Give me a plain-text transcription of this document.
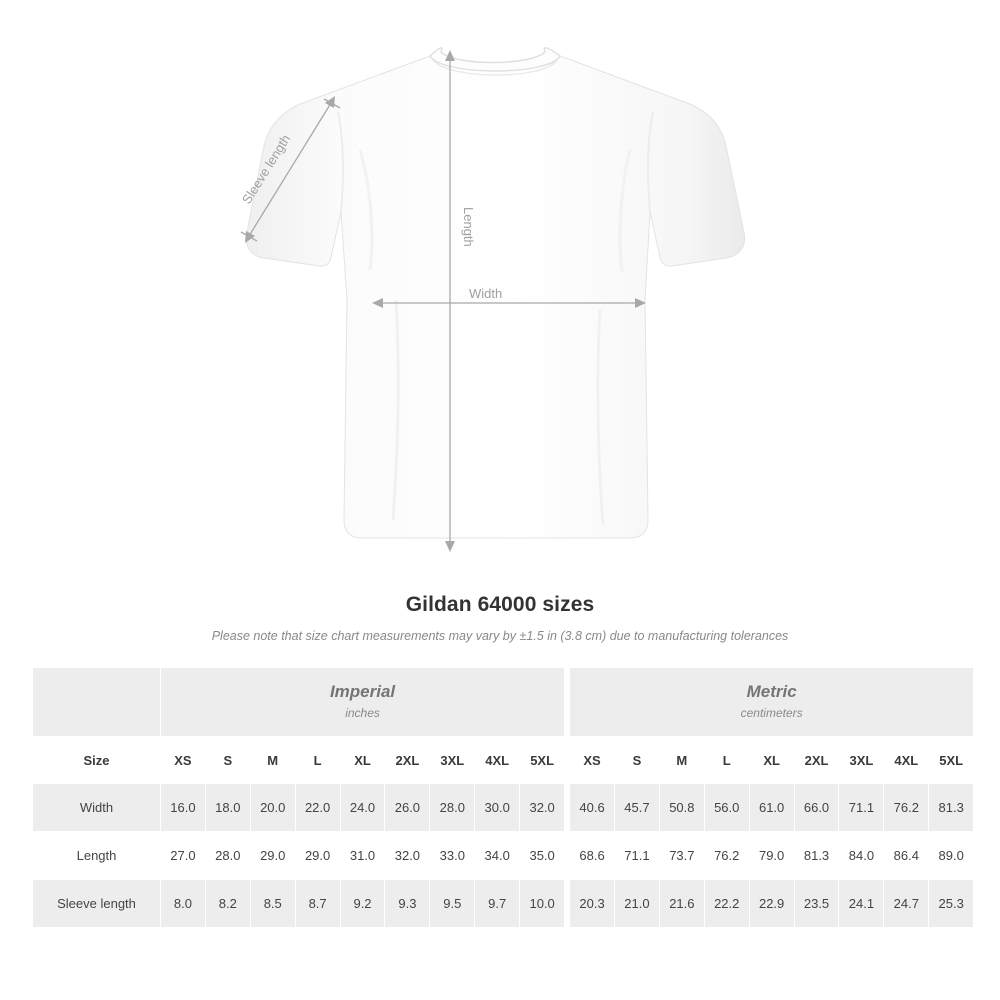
Length
Width
Sleeve length
Gildan 64000 sizes
Please note that size chart measurements may vary by ±1.5 in (3.8 cm) due to manufacturing tolerances

Imperial
inches

Metric
centimeters

Size	XS	S	M	L	XL	2XL	3XL	4XL	5XL		XS	S	M	L	XL	2XL	3XL	4XL	5XL
Width	16.0	18.0	20.0	22.0	24.0	26.0	28.0	30.0	32.0		40.6	45.7	50.8	56.0	61.0	66.0	71.1	76.2	81.3
Length	27.0	28.0	29.0	29.0	31.0	32.0	33.0	34.0	35.0		68.6	71.1	73.7	76.2	79.0	81.3	84.0	86.4	89.0
Sleeve length	8.0	8.2	8.5	8.7	9.2	9.3	9.5	9.7	10.0		20.3	21.0	21.6	22.2	22.9	23.5	24.1	24.7	25.3
